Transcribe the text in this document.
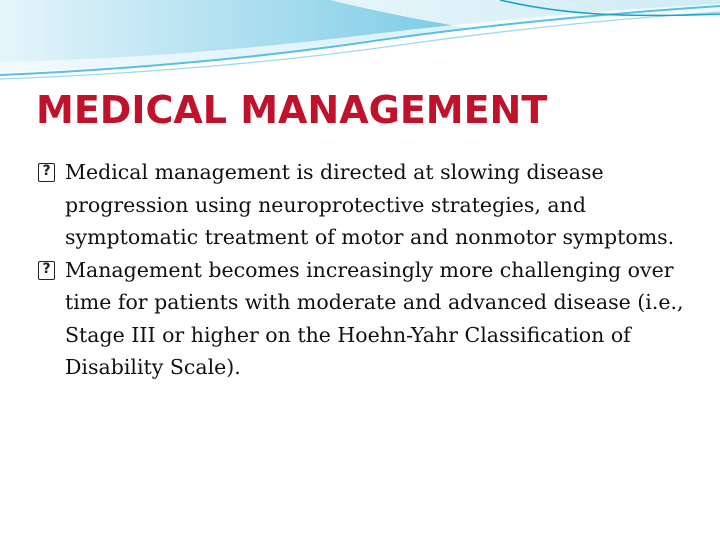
MEDICAL MANAGEMENT
? Medical management is directed at slowing disease progression using neuroprotective strategies, and symptomatic treatment of motor and nonmotor symptoms.
? Management becomes increasingly more challenging over time for patients with moderate and advanced disease (i.e., Stage III or higher on the Hoehn-Yahr Classification of Disability Scale).
